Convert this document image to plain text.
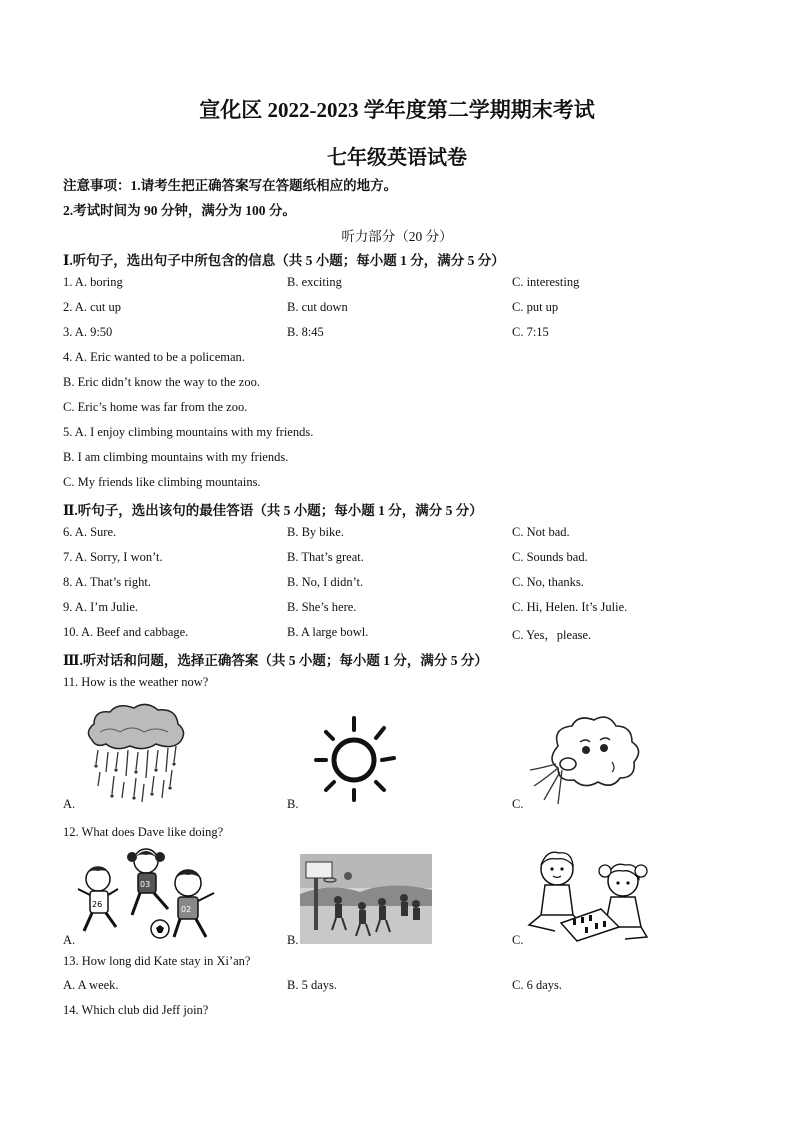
宣化区 2022-2023 学年度第二学期期末考试
七年级英语试卷
注意事项：1.请考生把正确答案写在答题纸相应的地方。
2.考试时间为 90 分钟，满分为 100 分。
听力部分（20 分）
Ⅰ.听句子，选出句子中所包含的信息（共 5 小题；每小题 1 分，满分 5 分）
1. A. boring	B. exciting	C. interesting
2. A. cut up	B. cut down	C. put up
3. A. 9:50	B. 8:45	C. 7:15
4. A. Eric wanted to be a policeman.
B. Eric didn’t know the way to the zoo.
C. Eric’s home was far from the zoo.
5. A. I enjoy climbing mountains with my friends.
B. I am climbing mountains with my friends.
C. My friends like climbing mountains.
Ⅱ.听句子，选出该句的最佳答语（共 5 小题；每小题 1 分，满分 5 分）
6. A. Sure.	B. By bike.	C. Not bad.
7. A. Sorry, I won’t.	B. That’s great.	C. Sounds bad.
8. A. That’s right.	B. No, I didn’t.	C. No, thanks.
9. A. I’m Julie.	B. She’s here.	C. Hi, Helen. It’s Julie.
10. A. Beef and cabbage.	B. A large bowl.	C. Yes，please.
Ⅲ.听对话和问题，选择正确答案（共 5 小题；每小题 1 分，满分 5 分）
11. How is the weather now?
A.	B.	C.
12. What does Dave like doing?
26
03
02
A.	B.	C.
13. How long did Kate stay in Xi’an?
A. A week.	B. 5 days.	C. 6 days.
14. Which club did Jeff join?
